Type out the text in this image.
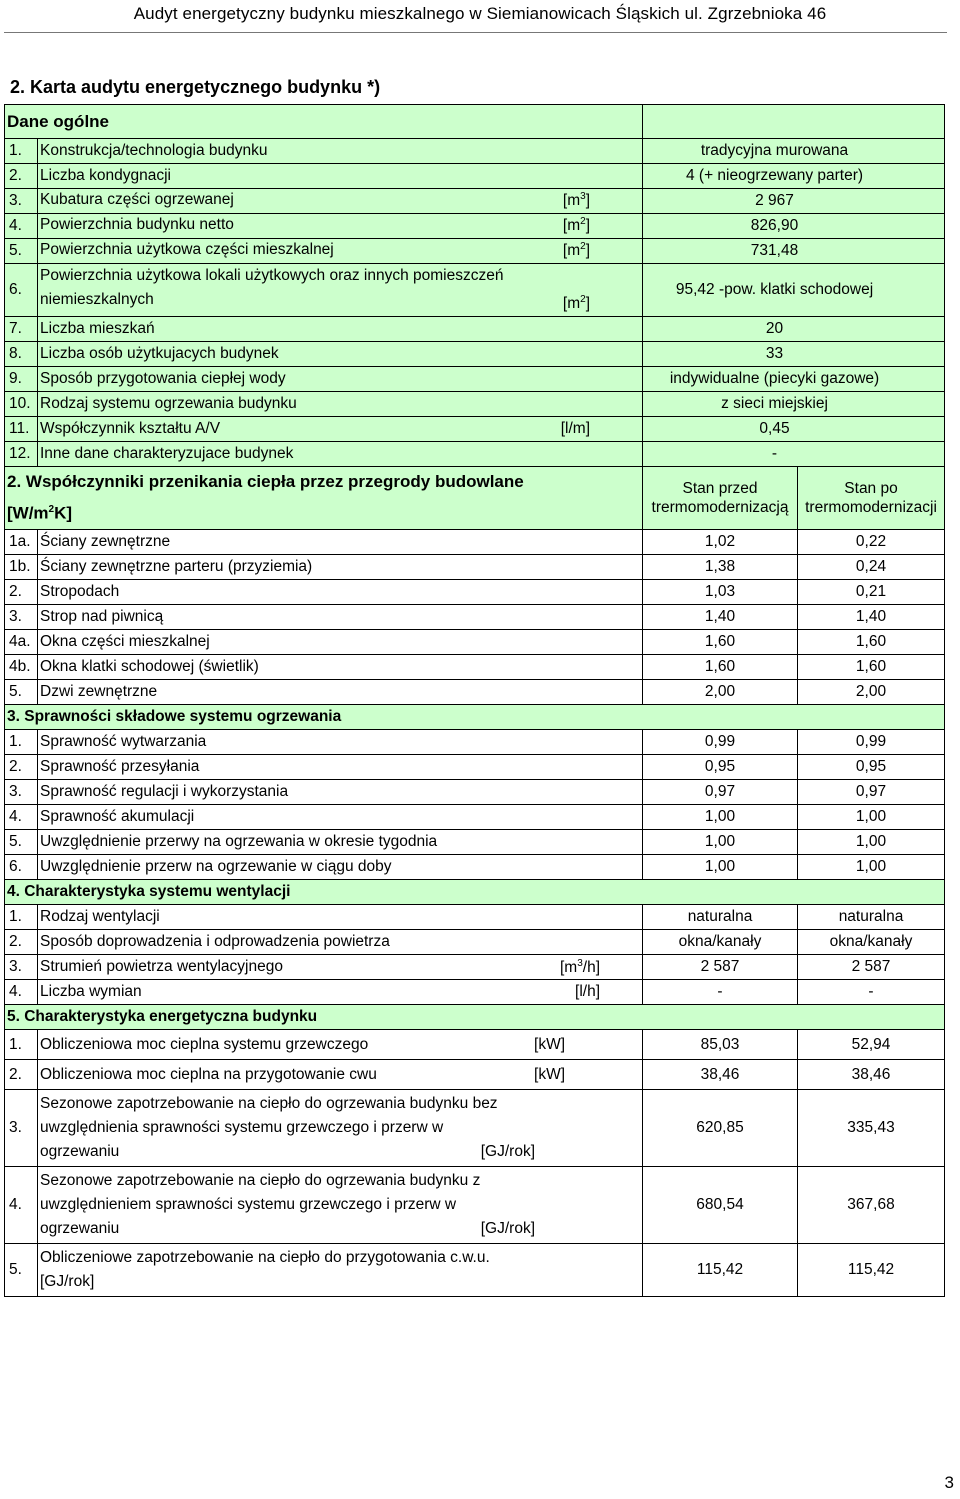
Audyt energetyczny budynku mieszkalnego w Siemianowicach Śląskich ul. Zgrzebnioka 46
2. Karta audytu energetycznego budynku *)
Dane ogólne			
1.	Konstrukcja/technologia budynku	tradycyjna murowana	
2.	Liczba kondygnacji	4 (+ nieogrzewany parter)	
3.	Kubatura części ogrzewanej $[m^3]$	2 967	
4.	Powierzchnia budynku netto $[m^2]$	826,90	
5.	Powierzchnia użytkowa części mieszkalnej $[m^2]$	731,48	
6.	Powierzchnia użytkowa lokali użytkowych oraz innych pomieszczeń
niemieszkalnych $[m^2]$	95,42 -pow. klatki schodowej	
7.	Liczba mieszkań	20	
8.	Liczba osób użytkujacych budynek	33	
9.	Sposób przygotowania ciepłej wody	indywidualne (piecyki gazowe)	
10.	Rodzaj systemu ogrzewania budynku	z sieci miejskiej	
11.	Współczynnik kształtu A/V [l/m]	0,45	
12.	Inne dane charakteryzujace budynek	-	

2. Współczynniki przenikania ciepła przez przegrody budowlane
$[W/m^2K]$		Stan przed trermomodernizacją	Stan po trermomodernizacji
1a.	Ściany zewnętrzne	1,02	0,22
1b.	Ściany zewnętrzne parteru (przyziemia)	1,38	0,24
2.	Stropodach	1,03	0,21
3.	Strop nad piwnicą	1,40	1,40
4a.	Okna części mieszkalnej	1,60	1,60
4b.	Okna klatki schodowej (świetlik)	1,60	1,60
5.	Dzwi zewnętrzne	2,00	2,00
3. Sprawności składowe systemu ogrzewania			
1.	Sprawność wytwarzania	0,99	0,99
2.	Sprawność przesyłania	0,95	0,95
3.	Sprawność regulacji i wykorzystania	0,97	0,97
4.	Sprawność akumulacji	1,00	1,00
5.	Uwzględnienie przerwy na ogrzewania w okresie tygodnia	1,00	1,00
6.	Uwzględnienie przerw na ogrzewanie w ciągu doby	1,00	1,00
4. Charakterystyka systemu wentylacji			
1.	Rodzaj wentylacji	naturalna	naturalna
2.	Sposób doprowadzenia i odprowadzenia powietrza	okna/kanały	okna/kanały
3.	Strumień powietrza wentylacyjnego $[m^3/h]$	2 587	2 587
4.	Liczba wymian [l/h]	-	-
5. Charakterystyka energetyczna budynku			
1.	Obliczeniowa moc cieplna systemu grzewczego [kW]	85,03	52,94
2.	Obliczeniowa moc cieplna na przygotowanie cwu [kW]	38,46	38,46
3.	Sezonowe zapotrzebowanie na ciepło do ogrzewania budynku bez
uwzględnienia sprawności systemu grzewczego i przerw w
ogrzewaniu [GJ/rok]	620,85	335,43
4.	Sezonowe zapotrzebowanie na ciepło do ogrzewania budynku z
uwzględnieniem sprawności systemu grzewczego i przerw w
ogrzewaniu [GJ/rok]	680,54	367,68
5.	Obliczeniowe zapotrzebowanie na ciepło do przygotowania c.w.u.
[GJ/rok]	115,42	115,42
3
